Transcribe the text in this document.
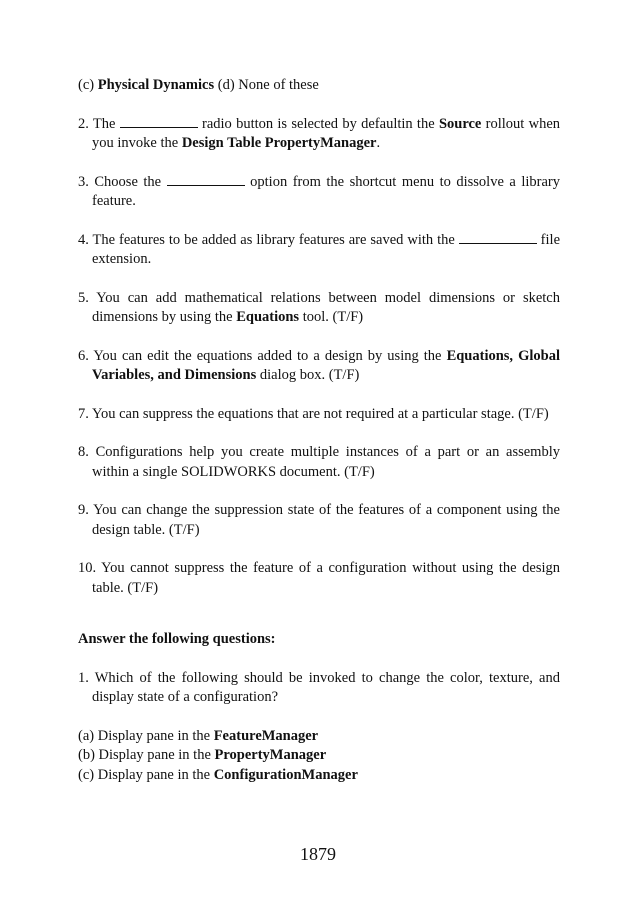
(c) Physical Dynamics (d) None of these

2. The	radio button is selected by defaultin the Source rollout when you invoke the Design Table PropertyManager.

3. Choose the	option from the shortcut menu to dissolve a library feature.

4. The features to be added as library features are saved with the	file extension.

5. You can add mathematical relations between model dimensions or sketch dimensions by using the Equations tool. (T/F)

6. You can edit the equations added to a design by using the Equations, Global Variables, and Dimensions dialog box. (T/F)

7. You can suppress the equations that are not required at a particular stage. (T/F)

8. Configurations help you create multiple instances of a part or an assembly within a single SOLIDWORKS document. (T/F)

9. You can change the suppression state of the features of a component using the design table. (T/F)

10. You cannot suppress the feature of a configuration without using the design table. (T/F)

Answer the following questions:

1. Which of the following should be invoked to change the color, texture, and display state of a configuration?

(a) Display pane in the FeatureManager

(b) Display pane in the PropertyManager

(c) Display pane in the ConfigurationManager

1879
